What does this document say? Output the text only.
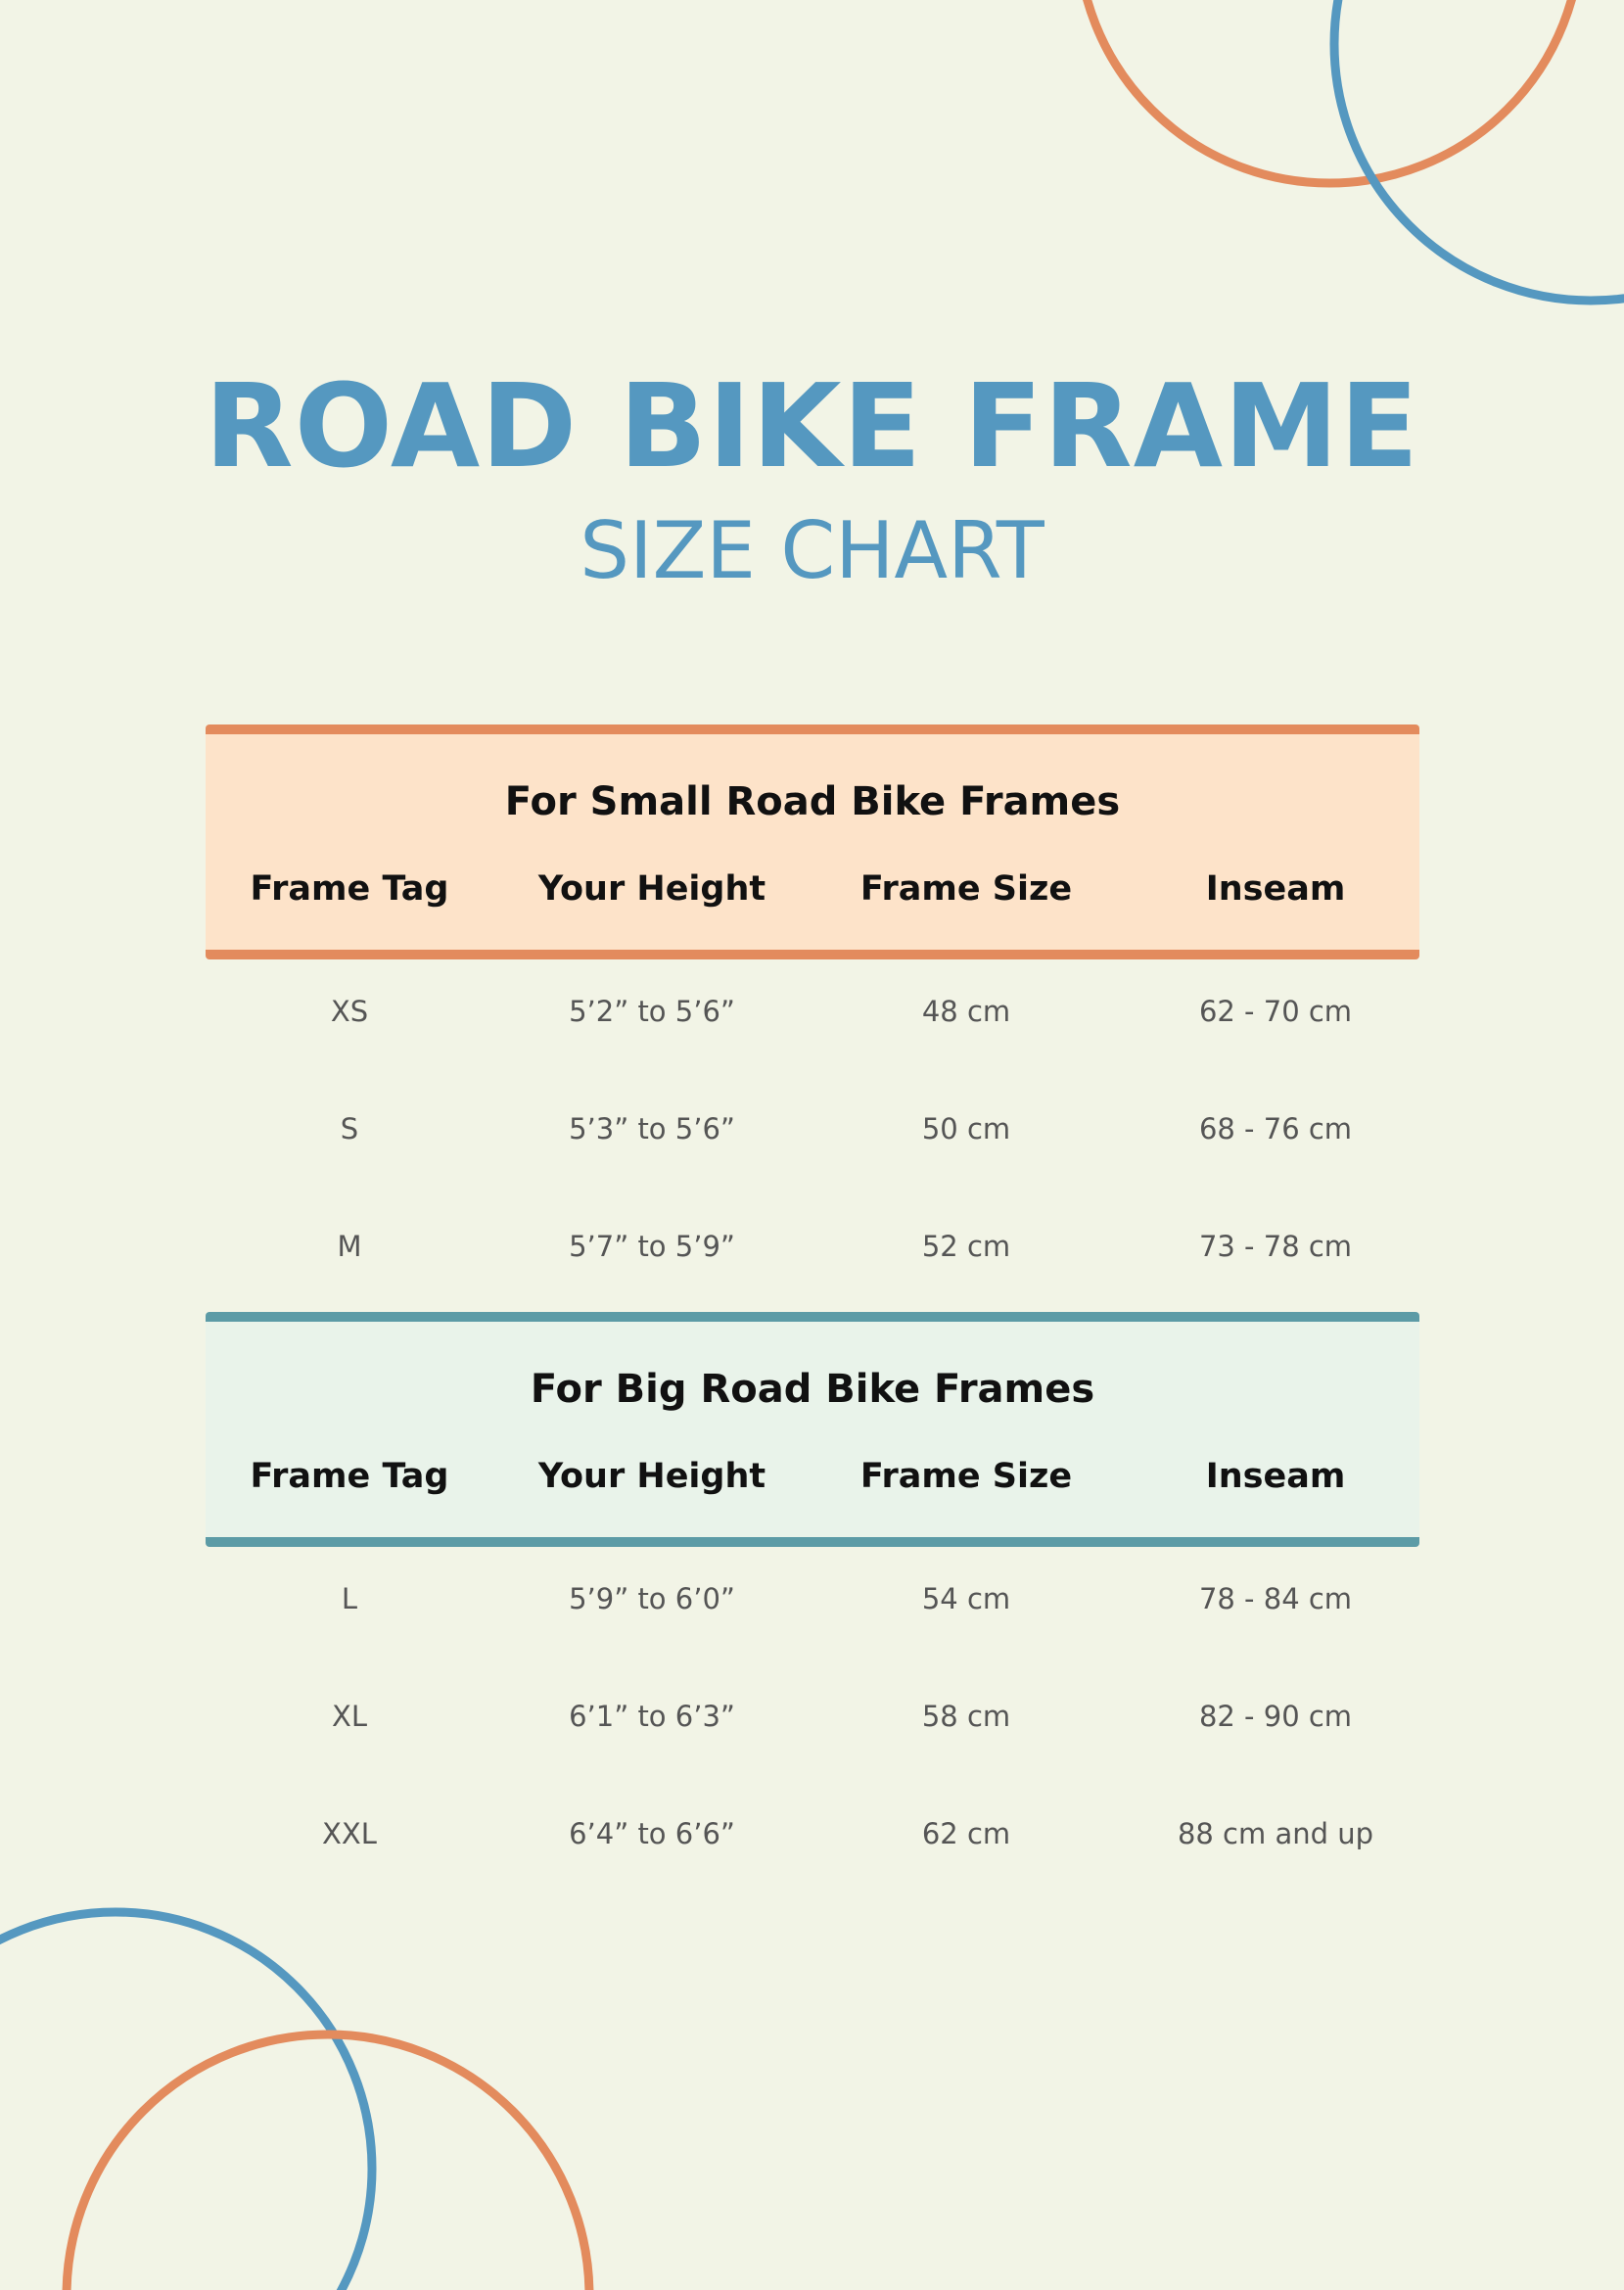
ROAD BIKE FRAME
SIZE CHART
For Small Road Bike Frames
Frame Tag	Your Height	Frame Size	Inseam
XS	5’2” to 5’6”	48 cm	62 - 70 cm
S	5’3” to 5’6”	50 cm	68 - 76 cm
M	5’7” to 5’9”	52 cm	73 - 78 cm
For Big Road Bike Frames
Frame Tag	Your Height	Frame Size	Inseam
L	5’9” to 6’0”	54 cm	78 - 84 cm
XL	6’1” to 6’3”	58 cm	82 - 90 cm
XXL	6’4” to 6’6”	62 cm	88 cm and up
